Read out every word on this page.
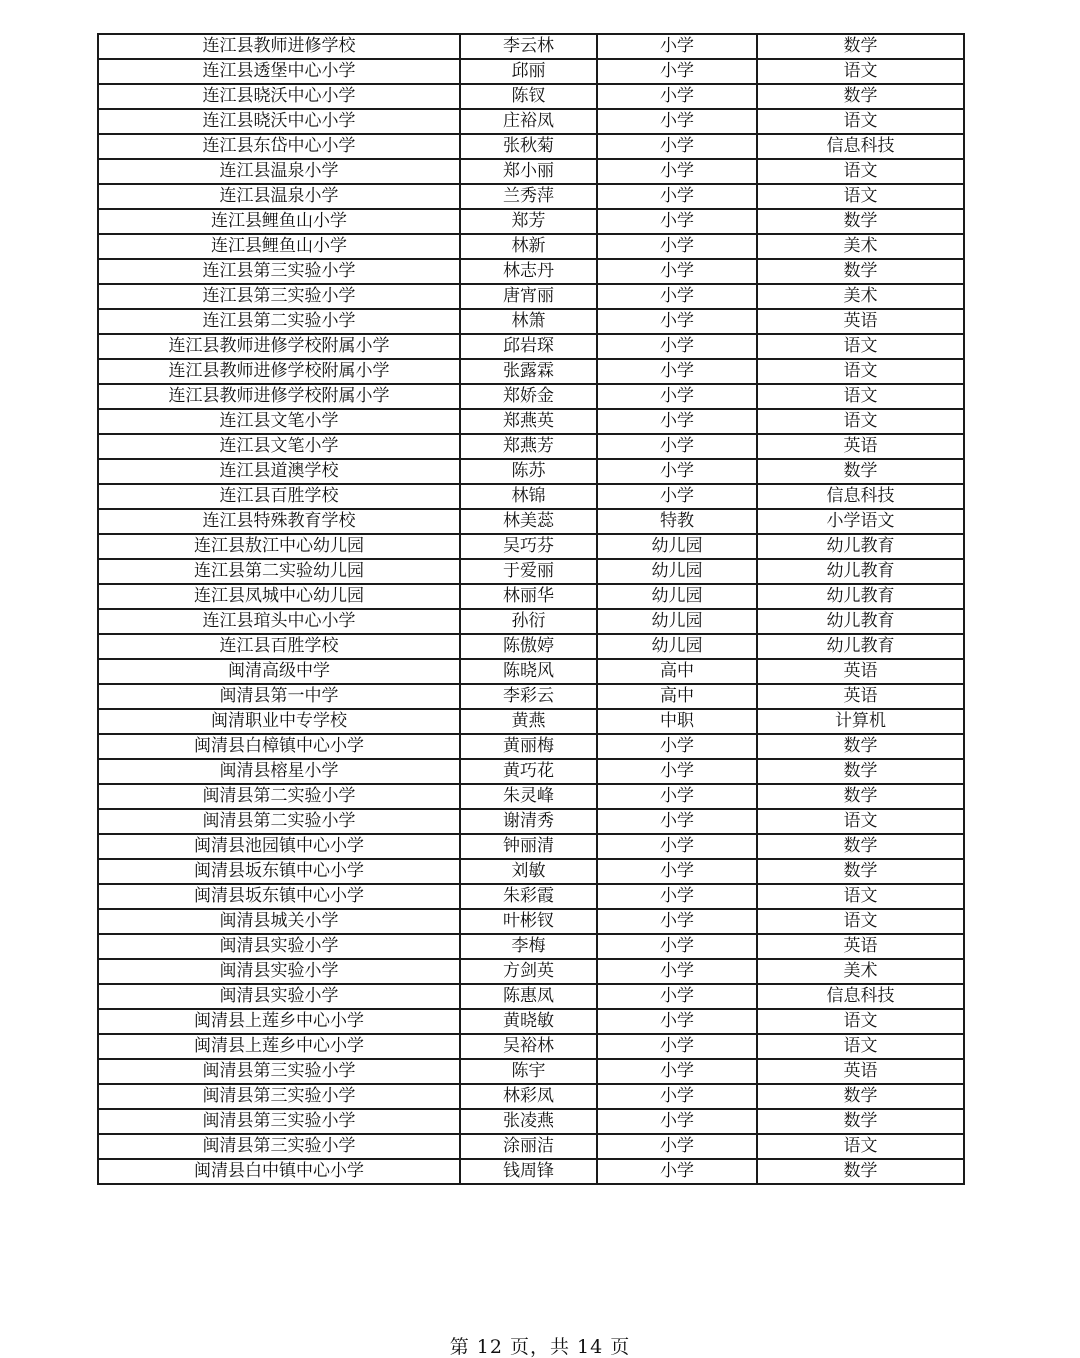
连江县教师进修学校	李云林	小学	数学
连江县透堡中心小学	邱丽	小学	语文
连江县晓沃中心小学	陈钗	小学	数学
连江县晓沃中心小学	庄裕凤	小学	语文
连江县东岱中心小学	张秋菊	小学	信息科技
连江县温泉小学	郑小丽	小学	语文
连江县温泉小学	兰秀萍	小学	语文
连江县鲤鱼山小学	郑芳	小学	数学
连江县鲤鱼山小学	林新	小学	美术
连江县第三实验小学	林志丹	小学	数学
连江县第三实验小学	唐宵丽	小学	美术
连江县第二实验小学	林箫	小学	英语
连江县教师进修学校附属小学	邱岩琛	小学	语文
连江县教师进修学校附属小学	张露霖	小学	语文
连江县教师进修学校附属小学	郑娇金	小学	语文
连江县文笔小学	郑燕英	小学	语文
连江县文笔小学	郑燕芳	小学	英语
连江县道澳学校	陈苏	小学	数学
连江县百胜学校	林锦	小学	信息科技
连江县特殊教育学校	林美蕊	特教	小学语文
连江县敖江中心幼儿园	吴巧芬	幼儿园	幼儿教育
连江县第二实验幼儿园	于爱丽	幼儿园	幼儿教育
连江县凤城中心幼儿园	林丽华	幼儿园	幼儿教育
连江县琯头中心小学	孙衍	幼儿园	幼儿教育
连江县百胜学校	陈傲婷	幼儿园	幼儿教育
闽清高级中学	陈晓风	高中	英语
闽清县第一中学	李彩云	高中	英语
闽清职业中专学校	黄燕	中职	计算机
闽清县白樟镇中心小学	黄丽梅	小学	数学
闽清县榕星小学	黄巧花	小学	数学
闽清县第二实验小学	朱灵峰	小学	数学
闽清县第二实验小学	谢清秀	小学	语文
闽清县池园镇中心小学	钟丽清	小学	数学
闽清县坂东镇中心小学	刘敏	小学	数学
闽清县坂东镇中心小学	朱彩霞	小学	语文
闽清县城关小学	叶彬钗	小学	语文
闽清县实验小学	李梅	小学	英语
闽清县实验小学	方剑英	小学	美术
闽清县实验小学	陈惠凤	小学	信息科技
闽清县上莲乡中心小学	黄晓敏	小学	语文
闽清县上莲乡中心小学	吴裕林	小学	语文
闽清县第三实验小学	陈宇	小学	英语
闽清县第三实验小学	林彩凤	小学	数学
闽清县第三实验小学	张凌燕	小学	数学
闽清县第三实验小学	涂丽洁	小学	语文
闽清县白中镇中心小学	钱周锋	小学	数学
第 12 页，共 14 页
